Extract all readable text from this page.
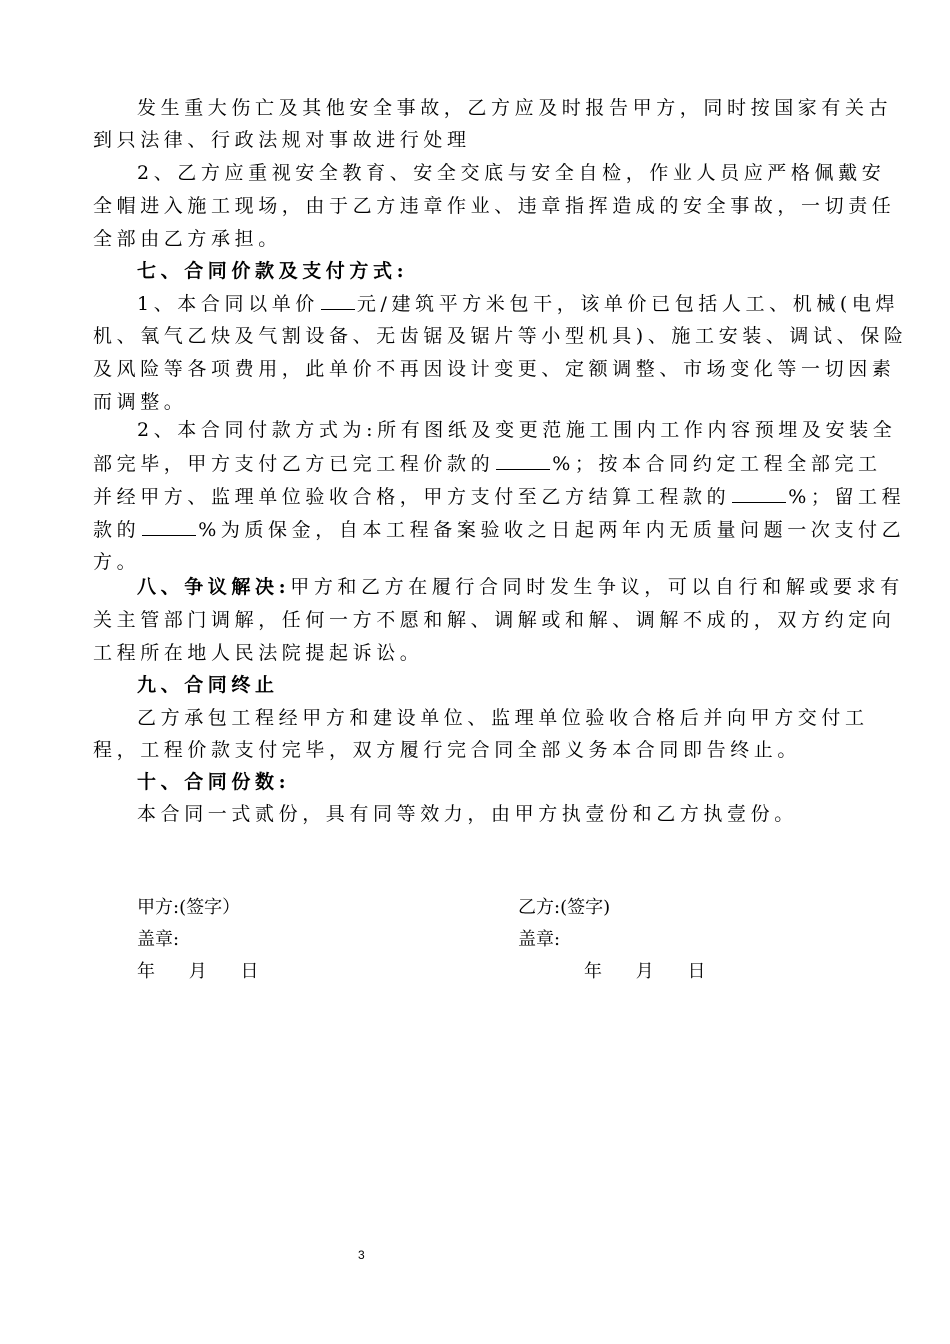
发生重大伤亡及其他安全事故，乙方应及时报告甲方，同时按国家有关古
到只法律、行政法规对事故进行处理
2、乙方应重视安全教育、安全交底与安全自检，作业人员应严格佩戴安
全帽进入施工现场，由于乙方违章作业、违章指挥造成的安全事故，一切责任
全部由乙方承担。
七、合同价款及支付方式:
1、本合同以单价 元/建筑平方米包干，该单价已包括人工、机械(电焊
机、氧气乙炔及气割设备、无齿锯及锯片等小型机具)、施工安装、调试、保险
及风险等各项费用，此单价不再因设计变更、定额调整、市场变化等一切因素
而调整。
2、本合同付款方式为:所有图纸及变更范施工围内工作内容预埋及安装全
部完毕，甲方支付乙方已完工程价款的	%；按本合同约定工程全部完工
并经甲方、监理单位验收合格，甲方支付至乙方结算工程款的	%；留工程
款的	%为质保金，自本工程备案验收之日起两年内无质量问题一次支付乙
方。
八、争议解决:甲方和乙方在履行合同时发生争议，可以自行和解或要求有
关主管部门调解，任何一方不愿和解、调解或和解、调解不成的，双方约定向
工程所在地人民法院提起诉讼。
九、合同终止
乙方承包工程经甲方和建设单位、监理单位验收合格后并向甲方交付工
程，工程价款支付完毕，双方履行完合同全部义务本合同即告终止。
十、合同份数:
本合同一式贰份，具有同等效力，由甲方执壹份和乙方执壹份。
甲方:(签字）	乙方:(签字)
盖章:	盖章:
年 月 日	年 月 日
3
